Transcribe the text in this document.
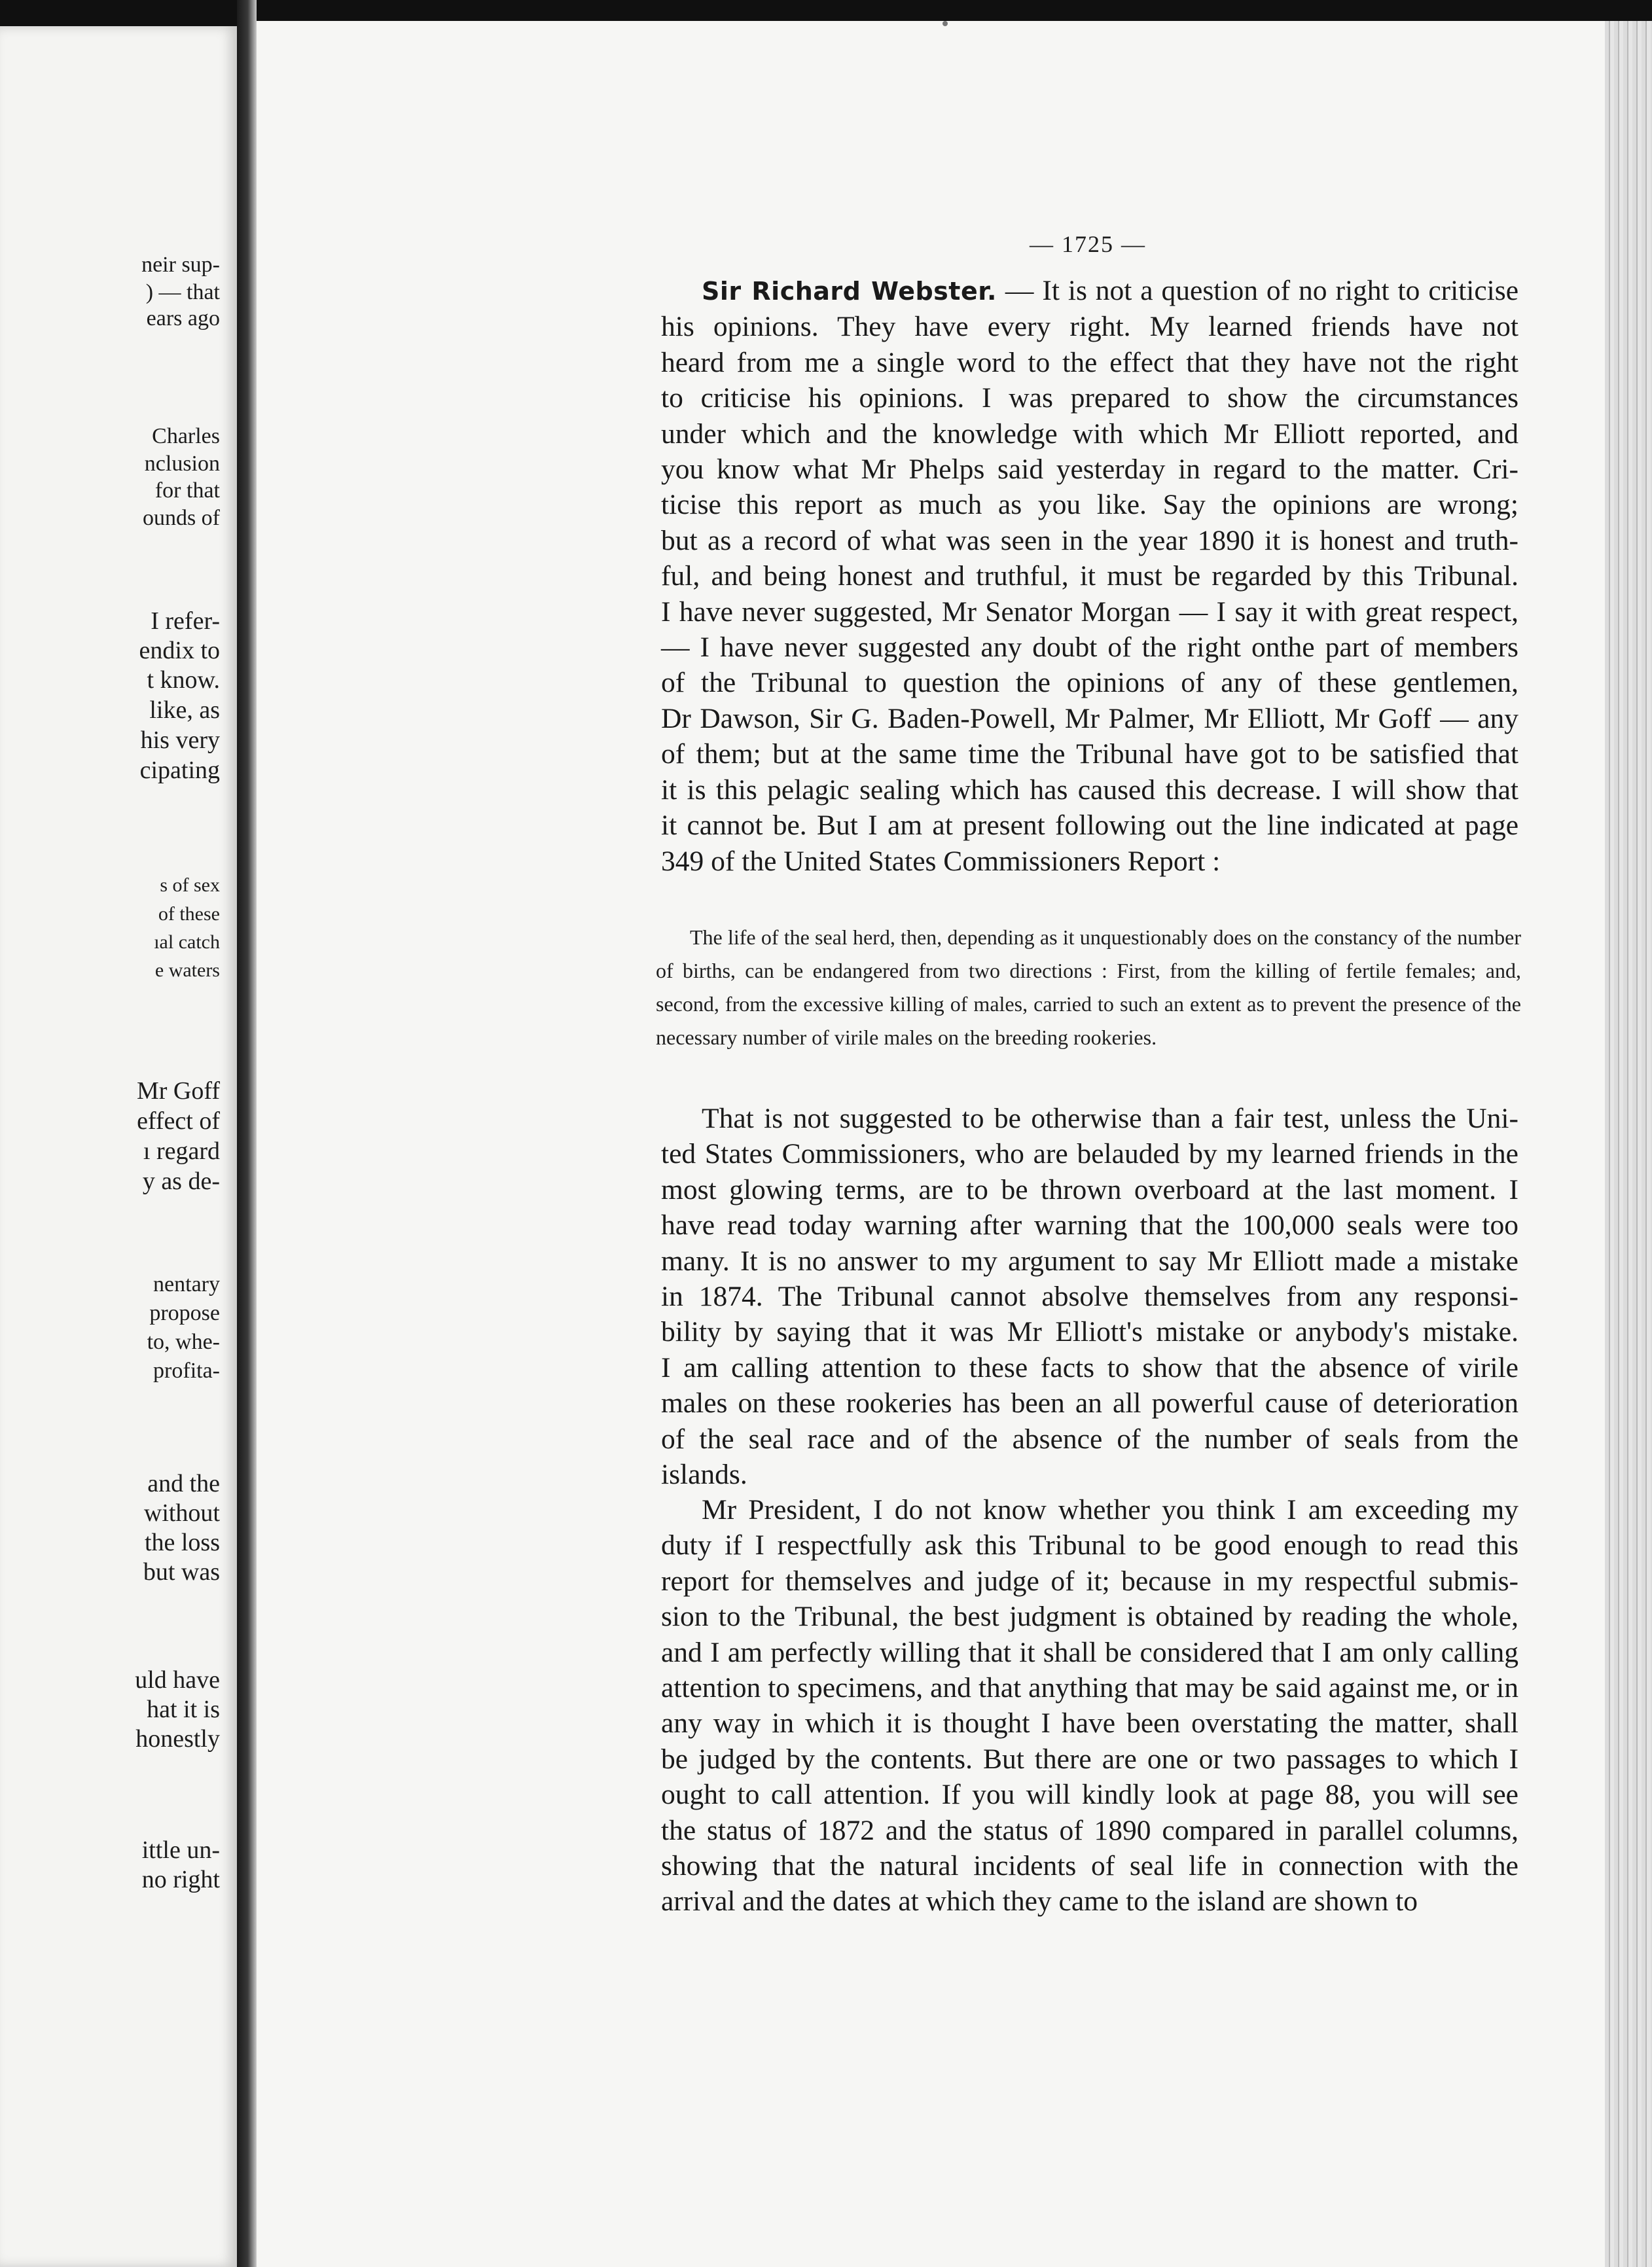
neir sup-
) — that
ears ago
Charles
nclusion
for that
ounds of
I refer-
endix to
t know.
like, as
his very
cipating
s of sex
of these
ıal catch
e waters
Mr Goff
effect of
ı regard
y as de-
nentary
propose
to, whe-
profita-
and the
without
the loss
but was
uld have
hat it is
honestly
ittle un-
no right
— 1725 —
Sir Richard Webster. — It is not a question of no right to criticise
his opinions. They have every right. My learned friends have not
heard from me a single word to the effect that they have not the right
to criticise his opinions. I was prepared to show the circumstances
under which and the knowledge with which Mr Elliott reported, and
you know what Mr Phelps said yesterday in regard to the matter. Cri-
ticise this report as much as you like. Say the opinions are wrong;
but as a record of what was seen in the year 1890 it is honest and truth-
ful, and being honest and truthful, it must be regarded by this Tribunal.
I have never suggested, Mr Senator Morgan — I say it with great respect,
— I have never suggested any doubt of the right onthe part of members
of the Tribunal to question the opinions of any of these gentlemen,
Dr Dawson, Sir G. Baden-Powell, Mr Palmer, Mr Elliott, Mr Goff — any
of them; but at the same time the Tribunal have got to be satisfied that
it is this pelagic sealing which has caused this decrease. I will show that
it cannot be. But I am at present following out the line indicated at page
349 of the United States Commissioners Report :

The life of the seal herd, then, depending as it unquestionably does on the constancy of the number of births, can be endangered from two directions : First, from the killing of fertile females; and, second, from the excessive killing of males, carried to such an extent as to prevent the presence of the necessary number of virile males on the breeding rookeries.

That is not suggested to be otherwise than a fair test, unless the Uni-
ted States Commissioners, who are belauded by my learned friends in the
most glowing terms, are to be thrown overboard at the last moment. I
have read today warning after warning that the 100,000 seals were too
many. It is no answer to my argument to say Mr Elliott made a mistake
in 1874. The Tribunal cannot absolve themselves from any responsi-
bility by saying that it was Mr Elliott's mistake or anybody's mistake.
I am calling attention to these facts to show that the absence of virile
males on these rookeries has been an all powerful cause of deterioration
of the seal race and of the absence of the number of seals from the
islands.
Mr President, I do not know whether you think I am exceeding my
duty if I respectfully ask this Tribunal to be good enough to read this
report for themselves and judge of it; because in my respectful submis-
sion to the Tribunal, the best judgment is obtained by reading the whole,
and I am perfectly willing that it shall be considered that I am only calling
attention to specimens, and that anything that may be said against me, or in
any way in which it is thought I have been overstating the matter, shall
be judged by the contents. But there are one or two passages to which I
ought to call attention. If you will kindly look at page 88, you will see
the status of 1872 and the status of 1890 compared in parallel columns,
showing that the natural incidents of seal life in connection with the
arrival and the dates at which they came to the island are shown to
